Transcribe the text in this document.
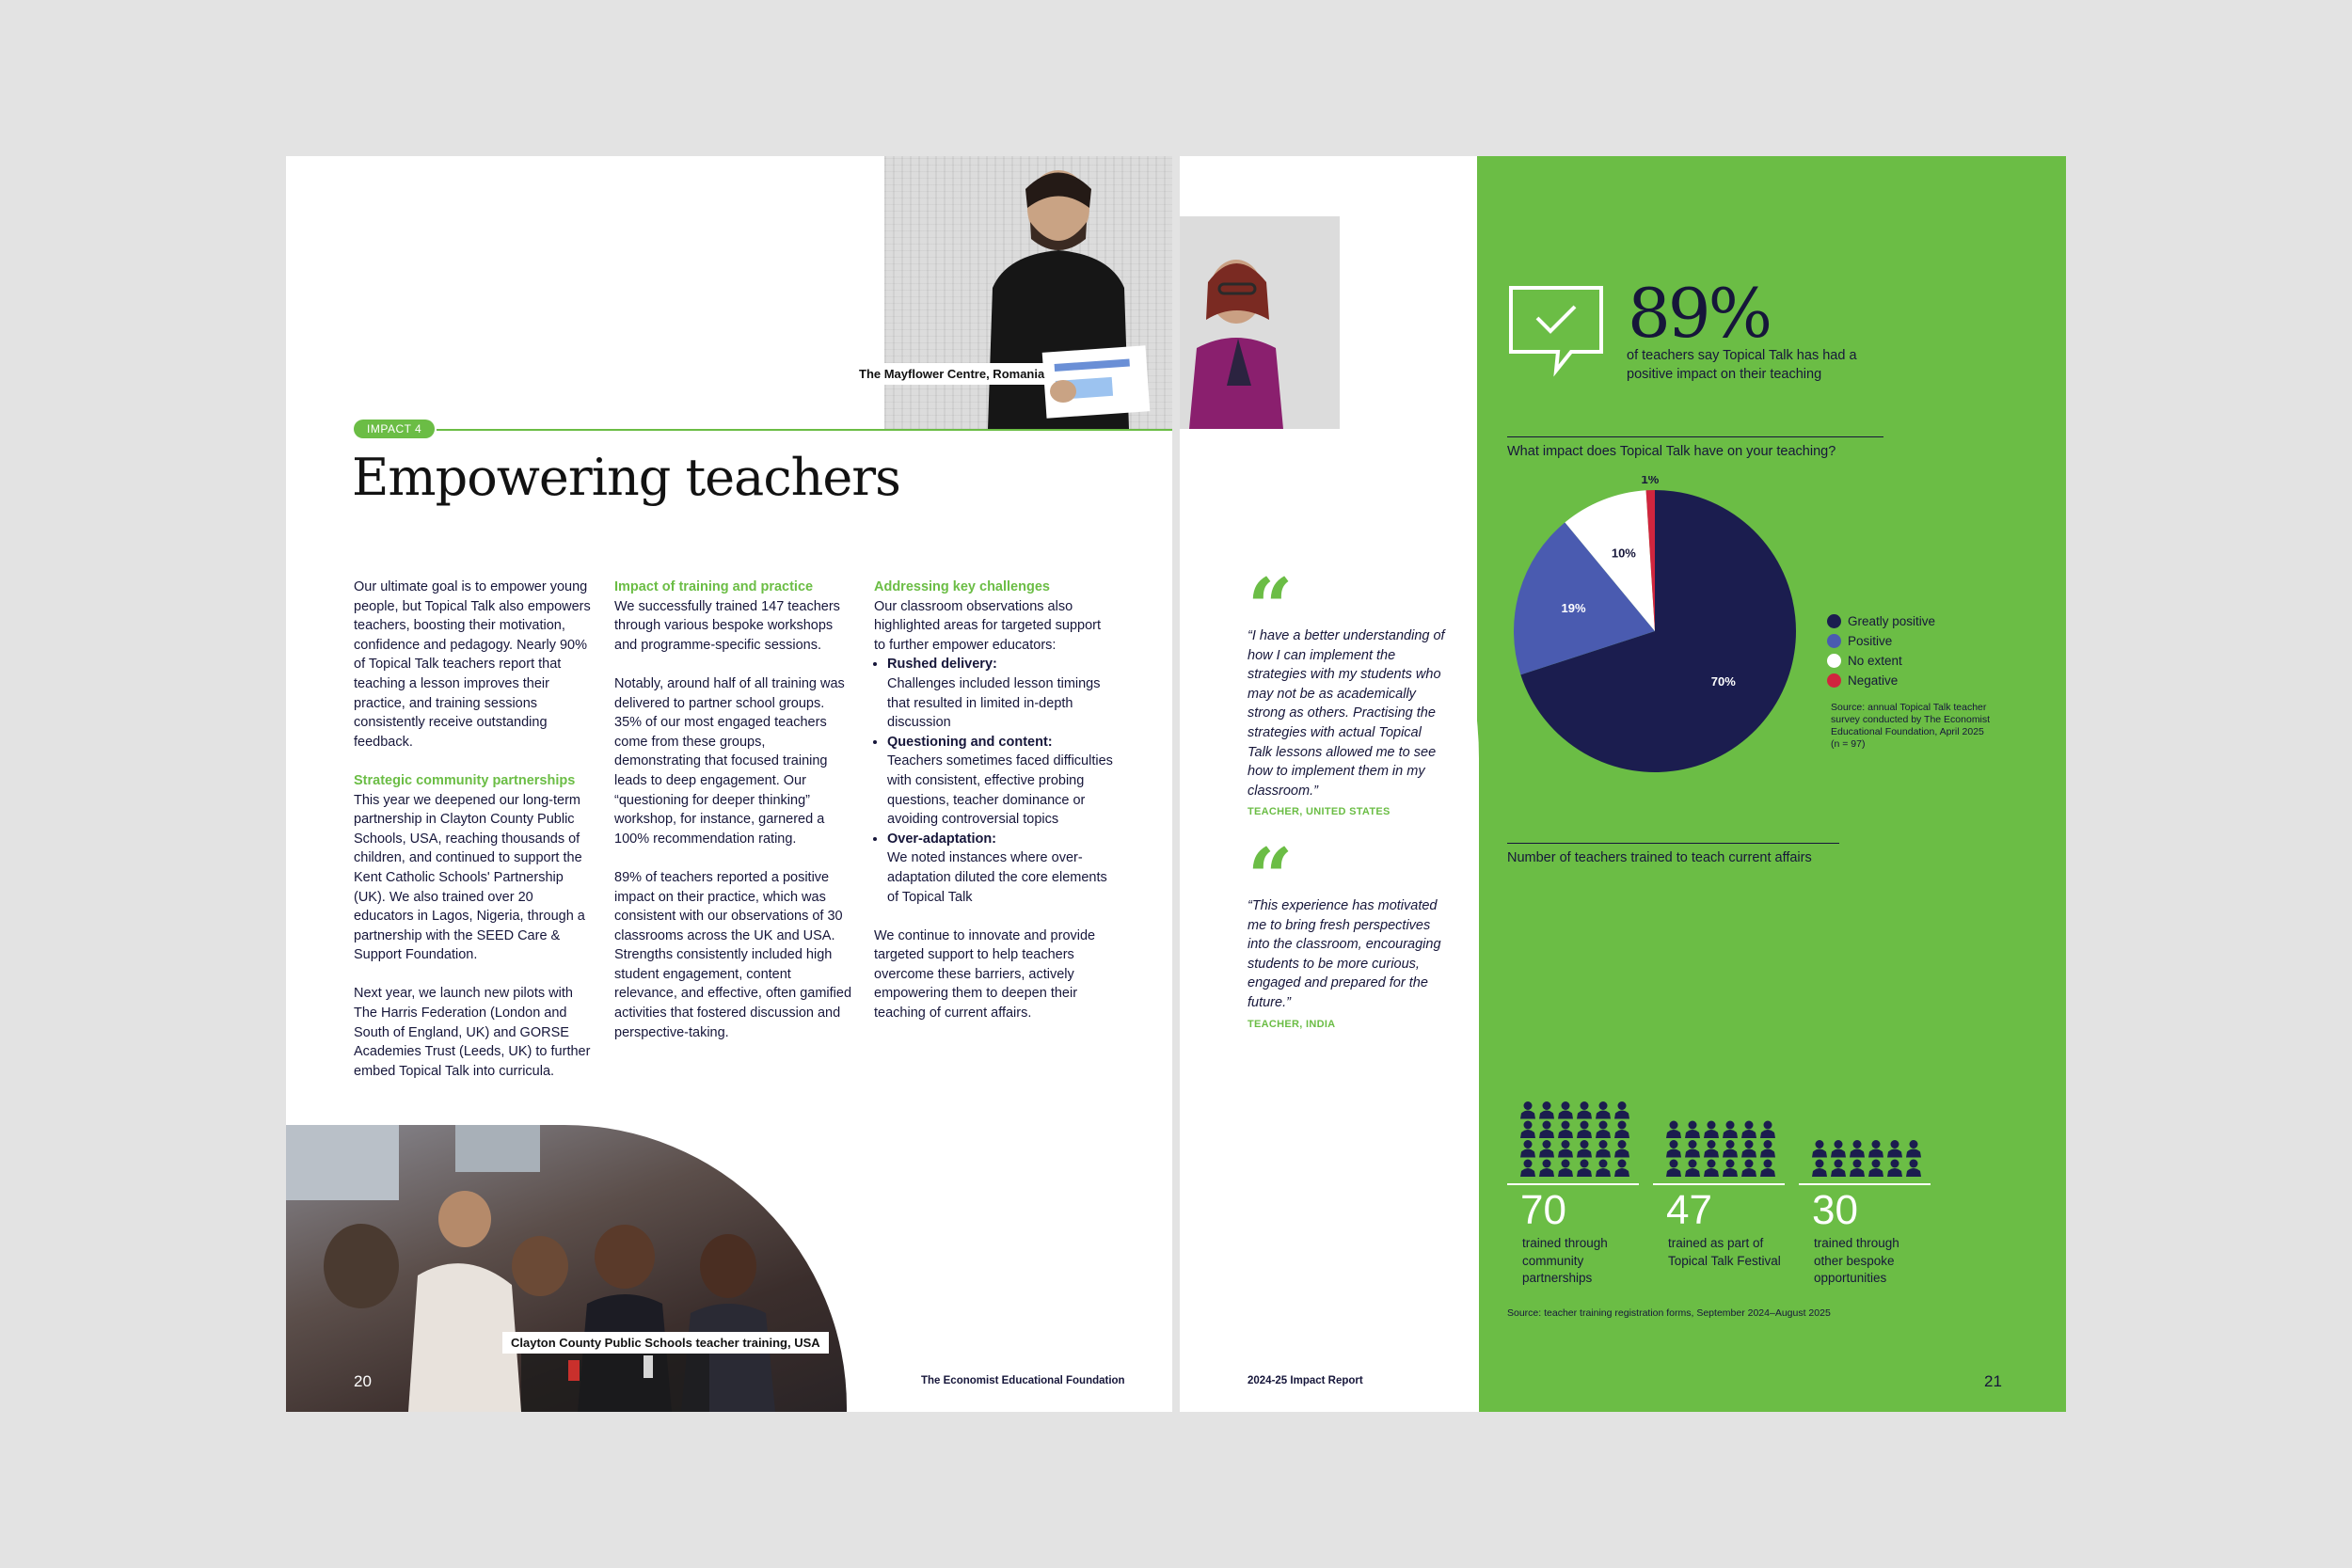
The Mayflower Centre, Romania
IMPACT 4
Empowering teachers

Our ultimate goal is to empower young people, but Topical Talk also empowers teachers, boosting their motivation, confidence and pedagogy. Nearly 90% of Topical Talk teachers report that teaching a lesson improves their practice, and training sessions consistently receive outstanding feedback.

Strategic community partnerships

This year we deepened our long-term partnership in Clayton County Public Schools, USA, reaching thousands of children, and continued to support the Kent Catholic Schools' Partnership (UK). We also trained over 20 educators in Lagos, Nigeria, through a partnership with the SEED Care & Support Foundation.

Next year, we launch new pilots with The Harris Federation (London and South of England, UK) and GORSE Academies Trust (Leeds, UK) to further embed Topical Talk into curricula.

Impact of training and practice

We successfully trained 147 teachers through various bespoke workshops and programme-specific sessions.

Notably, around half of all training was delivered to partner school groups. 35% of our most engaged teachers come from these groups, demonstrating that focused training leads to deep engagement. Our “questioning for deeper thinking” workshop, for instance, garnered a 100% recommendation rating.

89% of teachers reported a positive impact on their practice, which was consistent with our observations of 30 classrooms across the UK and USA. Strengths consistently included high student engagement, content relevance, and effective, often gamified activities that fostered discussion and perspective-taking.

Addressing key challenges

Our classroom observations also highlighted areas for targeted support to further empower educators:

• Rushed delivery:
Challenges included lesson timings that resulted in limited in-depth discussion
• Questioning and content:
Teachers sometimes faced difficulties with consistent, effective probing questions, teacher dominance or avoiding controversial topics
• Over-adaptation:
We noted instances where over-adaptation diluted the core elements of Topical Talk

We continue to innovate and provide targeted support to help teachers overcome these barriers, actively empowering them to deepen their teaching of current affairs.

Clayton County Public Schools teacher training, USA
20	The Economist Educational Foundation
“
“I have a better understanding of how I can implement the strategies with my students who may not be as academically strong as others. Practising the strategies with actual Topical Talk lessons allowed me to see how to implement them in my classroom.”
TEACHER, UNITED STATES
“
“This experience has motivated me to bring fresh perspectives into the classroom, encouraging students to be more curious, engaged and prepared for the future.”
TEACHER, INDIA
89%
of teachers say Topical Talk has had a positive impact on their teaching
What impact does Topical Talk have on your teaching?
70%
19%
10%
1%
Greatly positive
Positive
No extent
Negative
Source: annual Topical Talk teacher survey conducted by The Economist Educational Foundation, April 2025 (n = 97)
Number of teachers trained to teach current affairs
70 47 30
trained through community partnerships
trained as part of Topical Talk Festival
trained through other bespoke opportunities
Source: teacher training registration forms, September 2024–August 2025
2024-25 Impact Report	21
